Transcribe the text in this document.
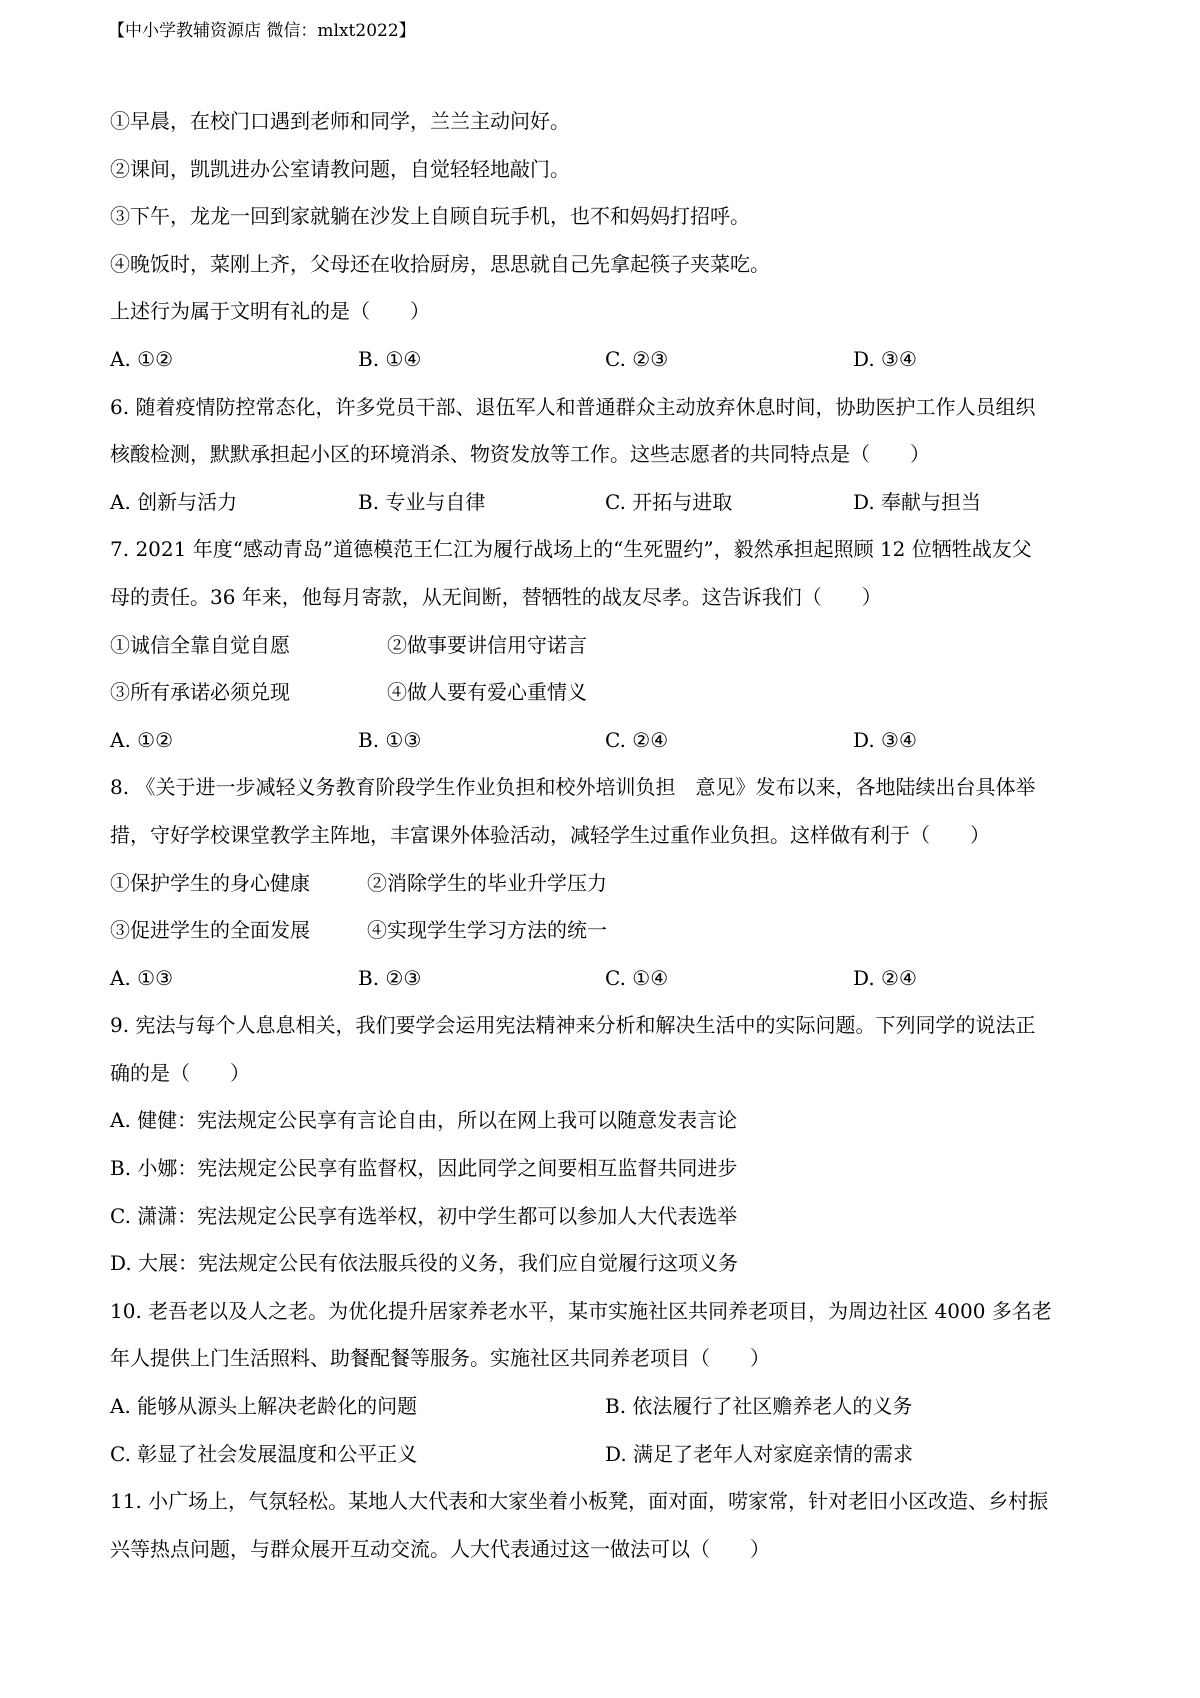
【中小学教辅资源店 微信：mlxt2022】
①早晨，在校门口遇到老师和同学，兰兰主动问好。
②课间，凯凯进办公室请教问题，自觉轻轻地敲门。
③下午，龙龙一回到家就躺在沙发上自顾自玩手机，也不和妈妈打招呼。
④晚饭时，菜刚上齐，父母还在收拾厨房，思思就自己先拿起筷子夹菜吃。
上述行为属于文明有礼的是（　　）
A. ①②	B. ①④	C. ②③	D. ③④
6. 随着疫情防控常态化，许多党员干部、退伍军人和普通群众主动放弃休息时间，协助医护工作人员组织
核酸检测，默默承担起小区的环境消杀、物资发放等工作。这些志愿者的共同特点是（　　）
A. 创新与活力	B. 专业与自律	C. 开拓与进取	D. 奉献与担当
7. 2021 年度“感动青岛”道德模范王仁江为履行战场上的“生死盟约”，毅然承担起照顾 12 位牺牲战友父
母的责任。36 年来，他每月寄款，从无间断，替牺牲的战友尽孝。这告诉我们（　　）
①诚信全靠自觉自愿	②做事要讲信用守诺言
③所有承诺必须兑现	④做人要有爱心重情义
A. ①②	B. ①③	C. ②④	D. ③④
8. 《关于进一步减轻义务教育阶段学生作业负担和校外培训负担　意见》发布以来，各地陆续出台具体举
措，守好学校课堂教学主阵地，丰富课外体验活动，减轻学生过重作业负担。这样做有利于（　　）
①保护学生的身心健康	②消除学生的毕业升学压力
③促进学生的全面发展	④实现学生学习方法的统一
A. ①③	B. ②③	C. ①④	D. ②④
9. 宪法与每个人息息相关，我们要学会运用宪法精神来分析和解决生活中的实际问题。下列同学的说法正
确的是（　　）
A. 健健：宪法规定公民享有言论自由，所以在网上我可以随意发表言论
B. 小娜：宪法规定公民享有监督权，因此同学之间要相互监督共同进步
C. 潇潇：宪法规定公民享有选举权，初中学生都可以参加人大代表选举
D. 大展：宪法规定公民有依法服兵役的义务，我们应自觉履行这项义务
10. 老吾老以及人之老。为优化提升居家养老水平，某市实施社区共同养老项目，为周边社区 4000 多名老
年人提供上门生活照料、助餐配餐等服务。实施社区共同养老项目（　　）
A. 能够从源头上解决老龄化的问题	B. 依法履行了社区赡养老人的义务
C. 彰显了社会发展温度和公平正义	D. 满足了老年人对家庭亲情的需求
11. 小广场上，气氛轻松。某地人大代表和大家坐着小板凳，面对面，唠家常，针对老旧小区改造、乡村振
兴等热点问题，与群众展开互动交流。人大代表通过这一做法可以（　　）
